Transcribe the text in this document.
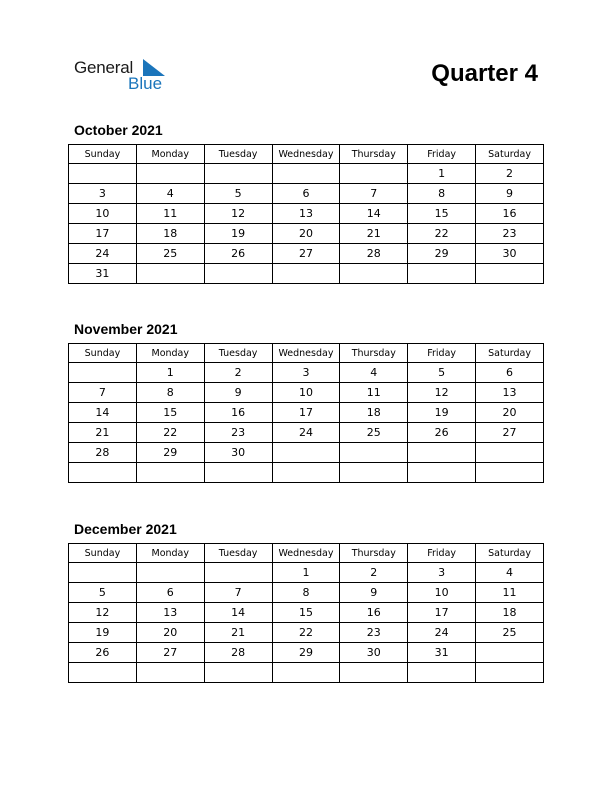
General
Blue	Quarter 4
October 2021
Sunday	Monday	Tuesday	Wednesday	Thursday	Friday	Saturday
					1	2
3	4	5	6	7	8	9
10	11	12	13	14	15	16
17	18	19	20	21	22	23
24	25	26	27	28	29	30
31						
November 2021
Sunday	Monday	Tuesday	Wednesday	Thursday	Friday	Saturday
	1	2	3	4	5	6
7	8	9	10	11	12	13
14	15	16	17	18	19	20
21	22	23	24	25	26	27
28	29	30				

December 2021
Sunday	Monday	Tuesday	Wednesday	Thursday	Friday	Saturday
			1	2	3	4
5	6	7	8	9	10	11
12	13	14	15	16	17	18
19	20	21	22	23	24	25
26	27	28	29	30	31	
